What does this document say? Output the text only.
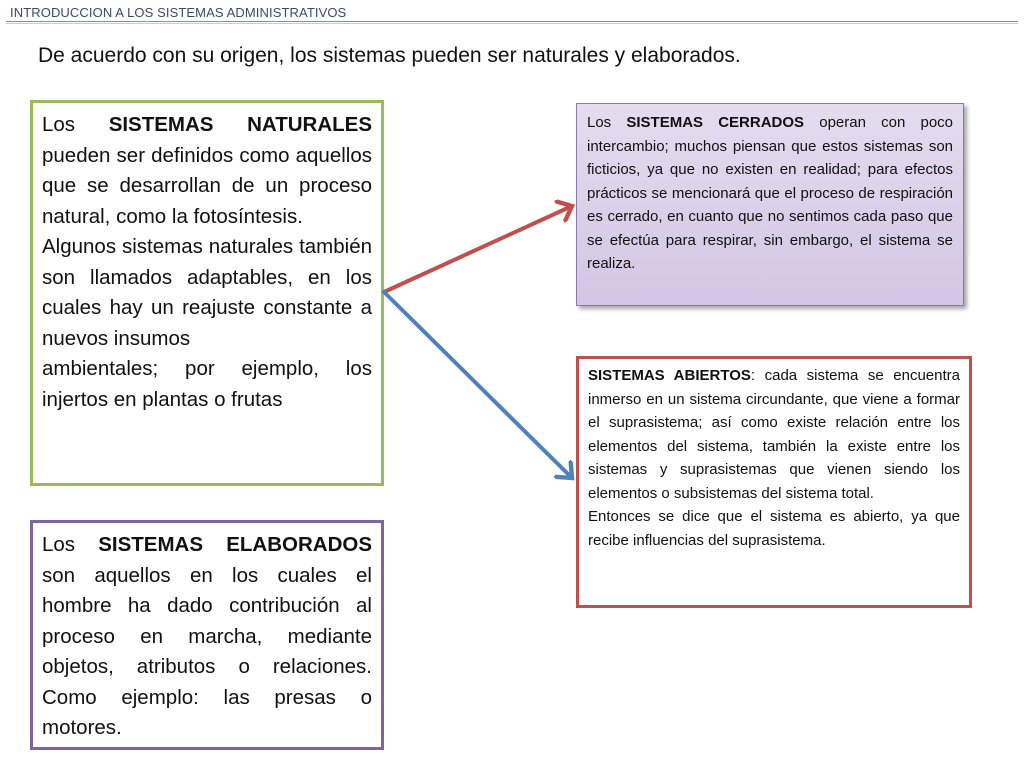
INTRODUCCION A LOS SISTEMAS ADMINISTRATIVOS
De acuerdo con su origen, los sistemas pueden ser naturales y elaborados.

Los SISTEMAS NATURALES pueden ser definidos como aquellos que se desarrollan de un proceso natural, como la fotosíntesis.

Algunos sistemas naturales también son llamados adaptables, en los cuales hay un reajuste constante a nuevos insumos

ambientales; por ejemplo, los injertos en plantas o frutas

Los SISTEMAS ELABORADOS son aquellos en los cuales el hombre ha dado contribución al proceso en marcha, mediante objetos, atributos o relaciones. Como ejemplo: las presas o motores.

Los SISTEMAS CERRADOS operan con poco intercambio; muchos piensan que estos sistemas son ficticios, ya que no existen en realidad; para efectos prácticos se mencionará que el proceso de respiración es cerrado, en cuanto que no sentimos cada paso que se efectúa para respirar, sin embargo, el sistema se realiza.

SISTEMAS ABIERTOS: cada sistema se encuentra inmerso en un sistema circundante, que viene a formar el suprasistema; así como existe relación entre los elementos del sistema, también la existe entre los sistemas y suprasistemas que vienen siendo los elementos o subsistemas del sistema total.

Entonces se dice que el sistema es abierto, ya que recibe influencias del suprasistema.
